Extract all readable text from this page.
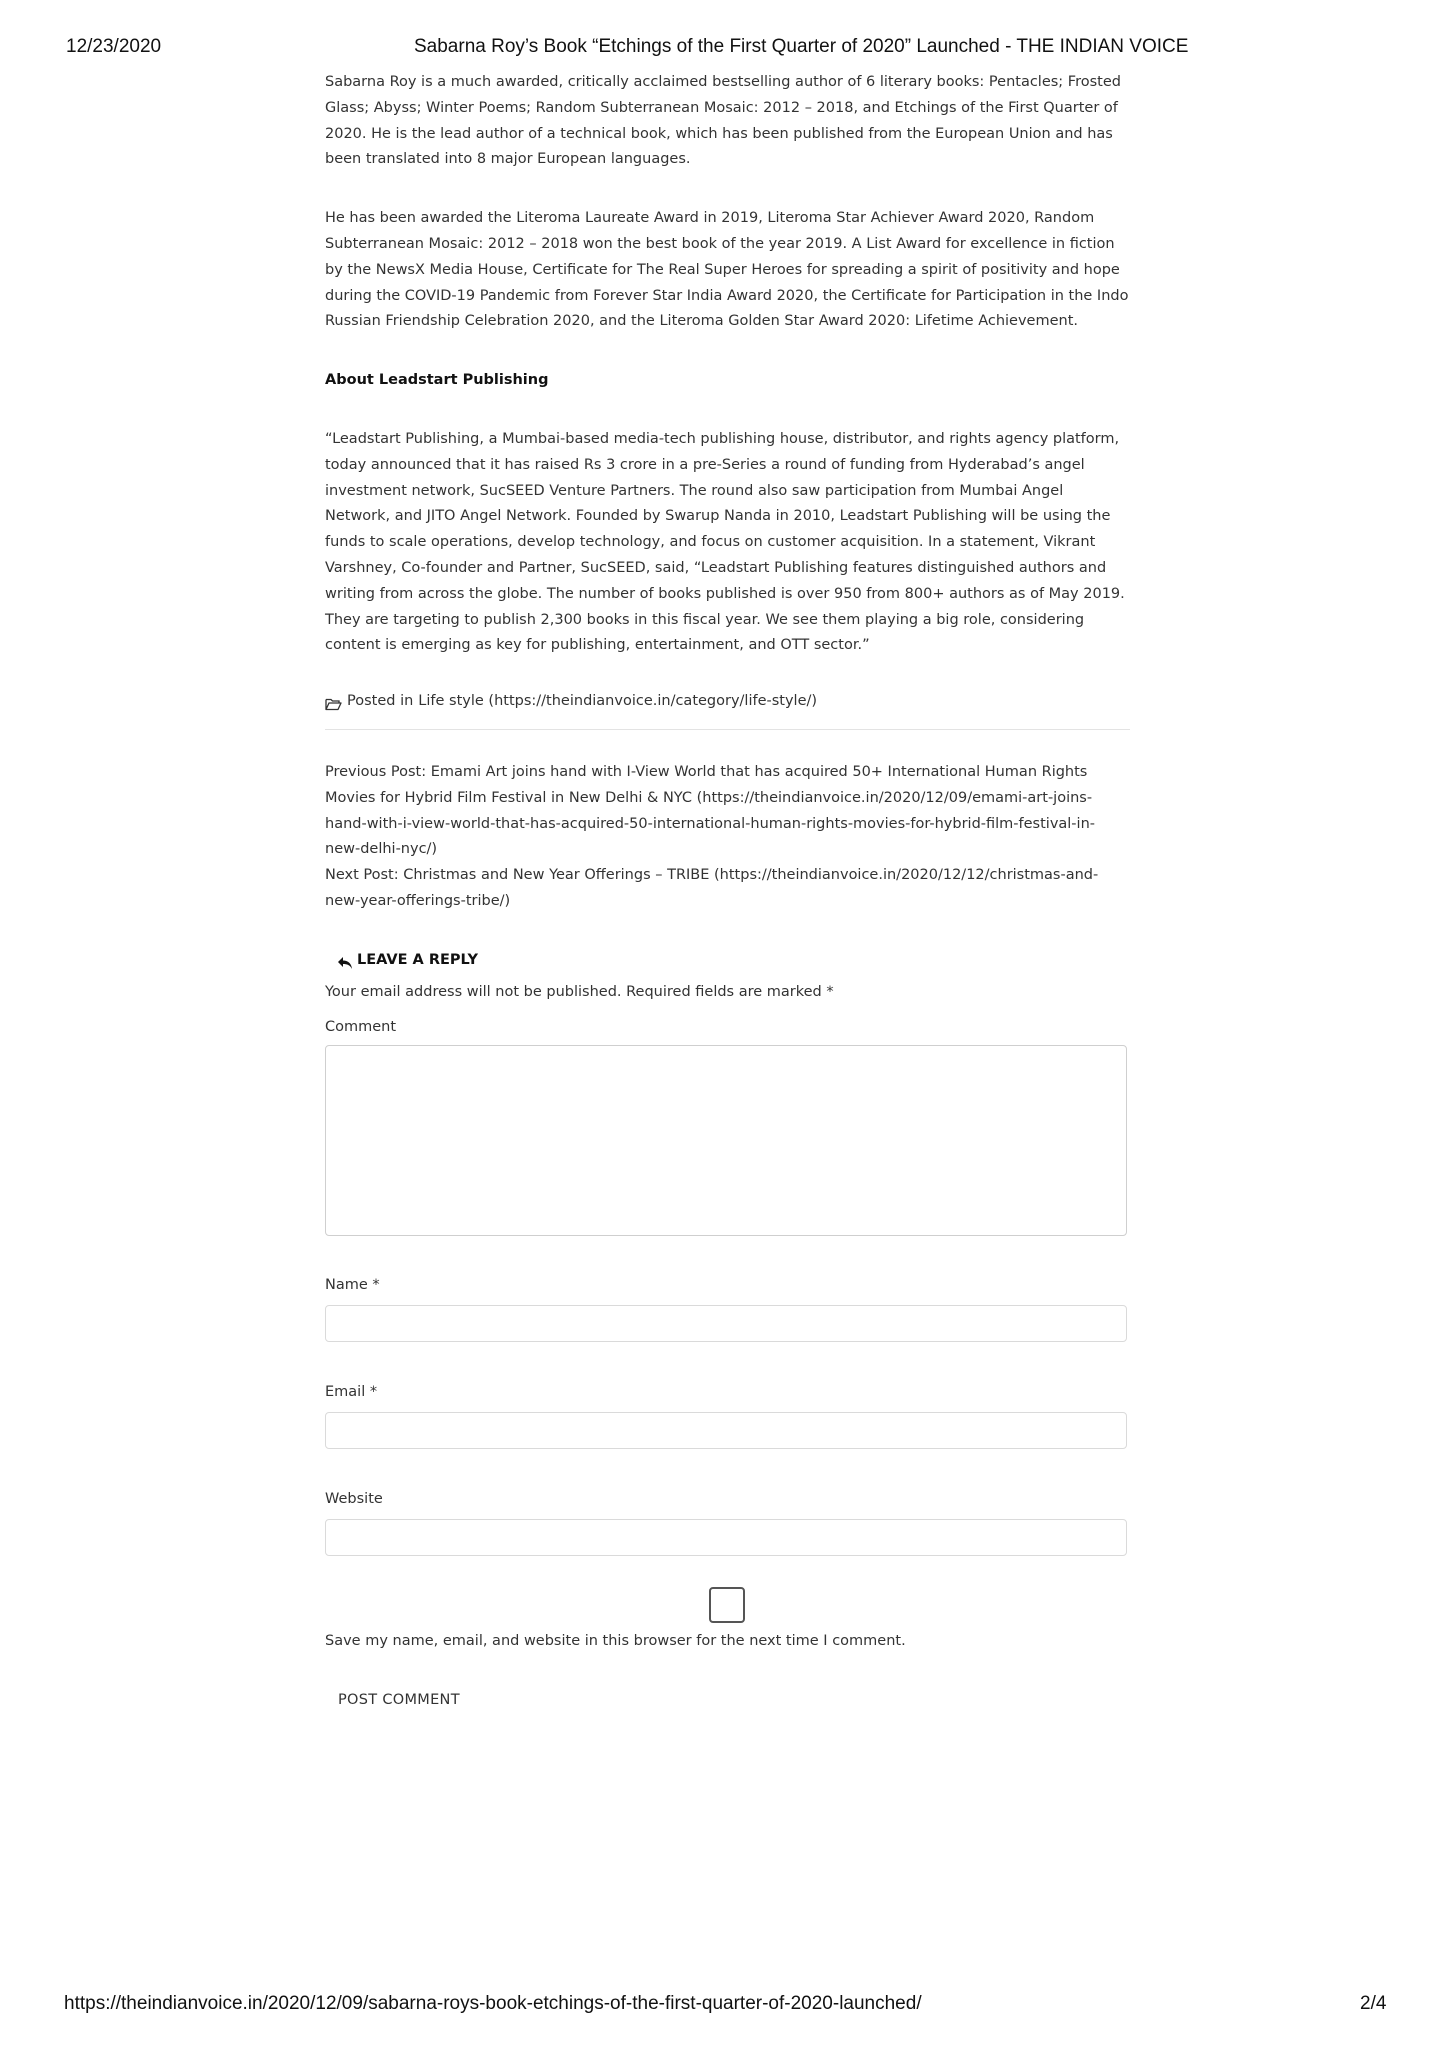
12/23/2020	Sabarna Roy’s Book “Etchings of the First Quarter of 2020” Launched - THE INDIAN VOICE

Sabarna Roy is a much awarded, critically acclaimed bestselling author of 6 literary books: Pentacles; Frosted Glass; Abyss; Winter Poems; Random Subterranean Mosaic: 2012 – 2018, and Etchings of the First Quarter of 2020. He is the lead author of a technical book, which has been published from the European Union and has been translated into 8 major European languages.

He has been awarded the Literoma Laureate Award in 2019, Literoma Star Achiever Award 2020, Random Subterranean Mosaic: 2012 – 2018 won the best book of the year 2019. A List Award for excellence in fiction by the NewsX Media House, Certificate for The Real Super Heroes for spreading a spirit of positivity and hope during the COVID-19 Pandemic from Forever Star India Award 2020, the Certificate for Participation in the Indo Russian Friendship Celebration 2020, and the Literoma Golden Star Award 2020: Lifetime Achievement.

About Leadstart Publishing

“Leadstart Publishing, a Mumbai-based media-tech publishing house, distributor, and rights agency platform, today announced that it has raised Rs 3 crore in a pre-Series a round of funding from Hyderabad’s angel investment network, SucSEED Venture Partners. The round also saw participation from Mumbai Angel Network, and JITO Angel Network. Founded by Swarup Nanda in 2010, Leadstart Publishing will be using the funds to scale operations, develop technology, and focus on customer acquisition. In a statement, Vikrant Varshney, Co-founder and Partner, SucSEED, said, “Leadstart Publishing features distinguished authors and writing from across the globe. The number of books published is over 950 from 800+ authors as of May 2019. They are targeting to publish 2,300 books in this fiscal year. We see them playing a big role, considering content is emerging as key for publishing, entertainment, and OTT sector.”

Posted in Life style (https://theindianvoice.in/category/life-style/)

Previous Post: Emami Art joins hand with I-View World that has acquired 50+ International Human Rights Movies for Hybrid Film Festival in New Delhi & NYC (https://theindianvoice.in/2020/12/09/emami-art-joins-hand-with-i-view-world-that-has-acquired-50-international-human-rights-movies-for-hybrid-film-festival-in-new-delhi-nyc/)

Next Post: Christmas and New Year Offerings – TRIBE (https://theindianvoice.in/2020/12/12/christmas-and-new-year-offerings-tribe/)

LEAVE A REPLY

Your email address will not be published. Required fields are marked *

Comment
Name *
Email *
Website
Save my name, email, and website in this browser for the next time I comment.
POST COMMENT
https://theindianvoice.in/2020/12/09/sabarna-roys-book-etchings-of-the-first-quarter-of-2020-launched/	2/4
